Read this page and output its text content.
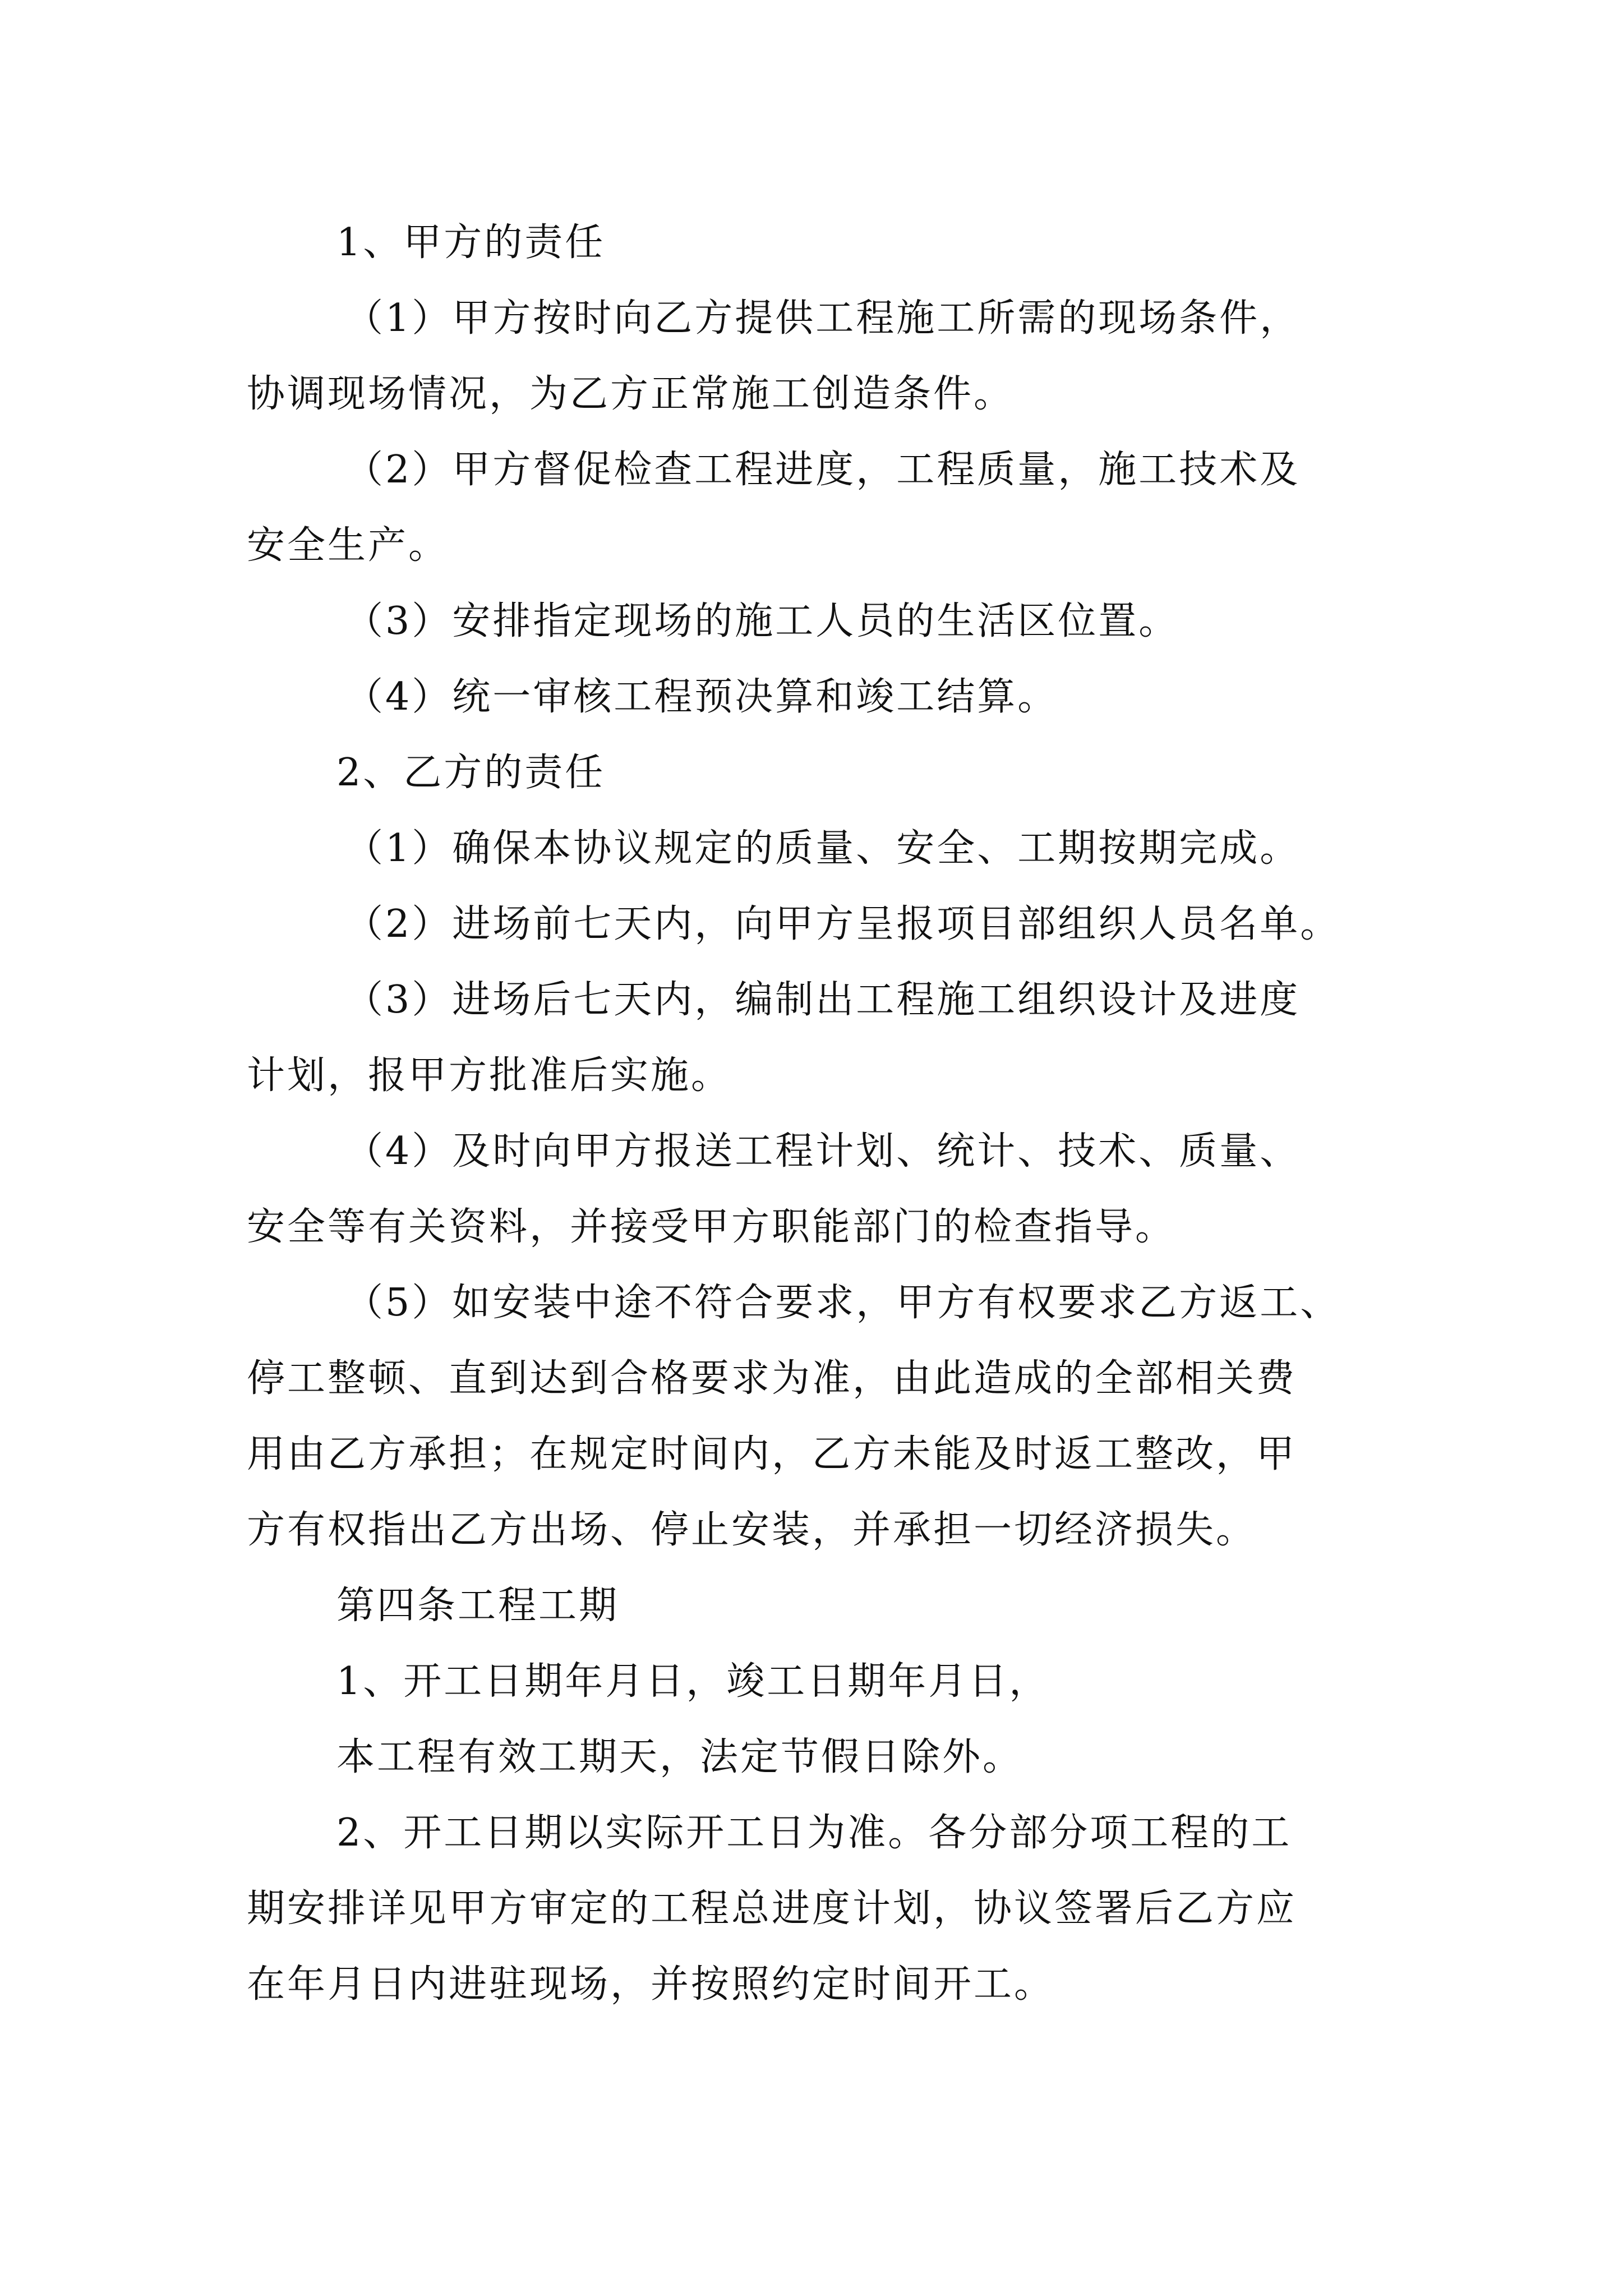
1、甲方的责任
（1）甲方按时向乙方提供工程施工所需的现场条件，
协调现场情况，为乙方正常施工创造条件。
（2）甲方督促检查工程进度，工程质量，施工技术及
安全生产。
（3）安排指定现场的施工人员的生活区位置。
（4）统一审核工程预决算和竣工结算。
2、乙方的责任
（1）确保本协议规定的质量、安全、工期按期完成。
（2）进场前七天内，向甲方呈报项目部组织人员名单。
（3）进场后七天内，编制出工程施工组织设计及进度
计划，报甲方批准后实施。
（4）及时向甲方报送工程计划、统计、技术、质量、
安全等有关资料，并接受甲方职能部门的检查指导。
（5）如安装中途不符合要求，甲方有权要求乙方返工、
停工整顿、直到达到合格要求为准，由此造成的全部相关费
用由乙方承担；在规定时间内，乙方未能及时返工整改，甲
方有权指出乙方出场、停止安装，并承担一切经济损失。
第四条工程工期
1、开工日期年月日，竣工日期年月日，
本工程有效工期天，法定节假日除外。
2、开工日期以实际开工日为准。各分部分项工程的工
期安排详见甲方审定的工程总进度计划，协议签署后乙方应
在年月日内进驻现场，并按照约定时间开工。
